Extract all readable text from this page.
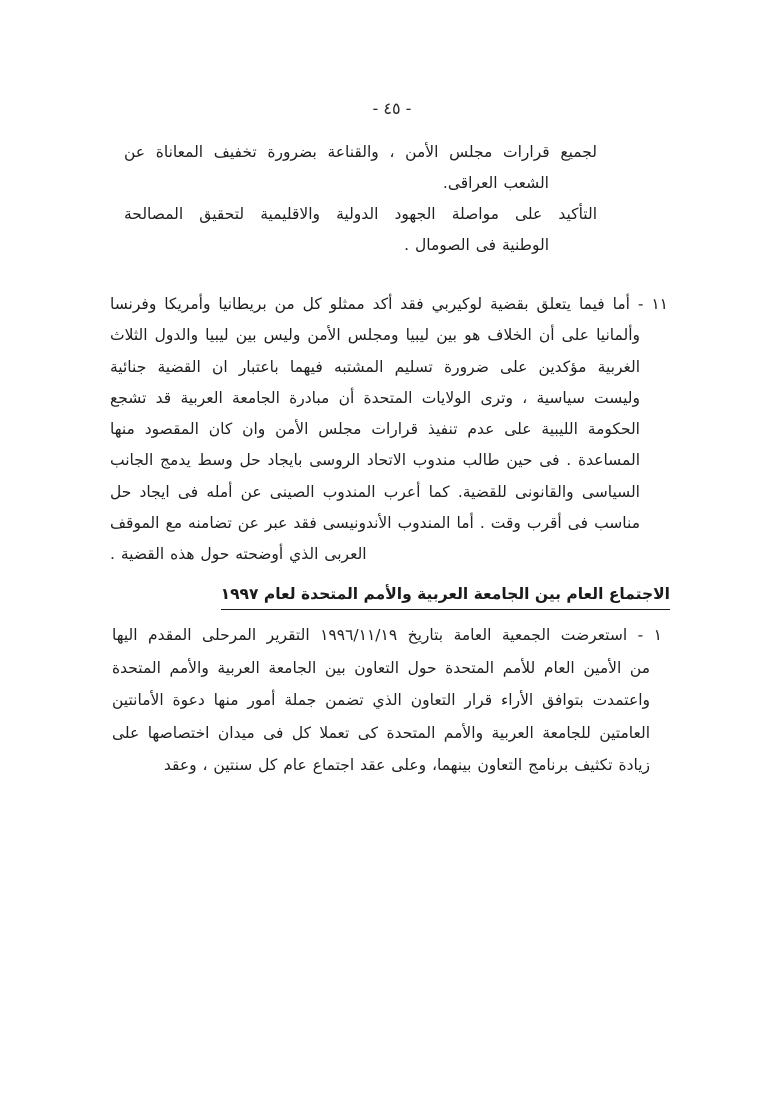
- ٤٥ -
لجميع قرارات مجلس الأمن ، والقناعة بضرورة تخفيف المعاناة عن
الشعب العراقى.
التأكيد على مواصلة الجهود الدولية والاقليمية لتحقيق المصالحة
الوطنية فى الصومال .
١١ - أما فيما يتعلق بقضية لوكيربي فقد أكد ممثلو كل من بريطانيا وأمريكا وفرنسا
وألمانيا على أن الخلاف هو بين ليبيا ومجلس الأمن وليس بين ليبيا والدول الثلاث
الغربية مؤكدين على ضرورة تسليم المشتبه فيهما باعتبار ان القضية جنائية
وليست سياسية ، وترى الولايات المتحدة أن مبادرة الجامعة العربية قد تشجع
الحكومة الليبية على عدم تنفيذ قرارات مجلس الأمن وان كان المقصود منها
المساعدة . فى حين طالب مندوب الاتحاد الروسى بايجاد حل وسط يدمج الجانب
السياسى والقانونى للقضية. كما أعرب المندوب الصينى عن أمله فى ايجاد حل
مناسب فى أقرب وقت . أما المندوب الأندونيسى فقد عبر عن تضامنه مع الموقف
العربى الذي أوضحته حول هذه القضية .
الاجتماع العام بين الجامعة العربية والأمم المتحدة لعام ١٩٩٧
١ - استعرضت الجمعية العامة بتاريخ ١٩٩٦/١١/١٩ التقرير المرحلى المقدم اليها
من الأمين العام للأمم المتحدة حول التعاون بين الجامعة العربية والأمم المتحدة
واعتمدت بتوافق الأراء قرار التعاون الذي تضمن جملة أمور منها دعوة الأمانتين
العامتين للجامعة العربية والأمم المتحدة كى تعملا كل فى ميدان اختصاصها على
زيادة تكثيف برنامج التعاون بينهما، وعلى عقد اجتماع عام كل سنتين ، وعقد
